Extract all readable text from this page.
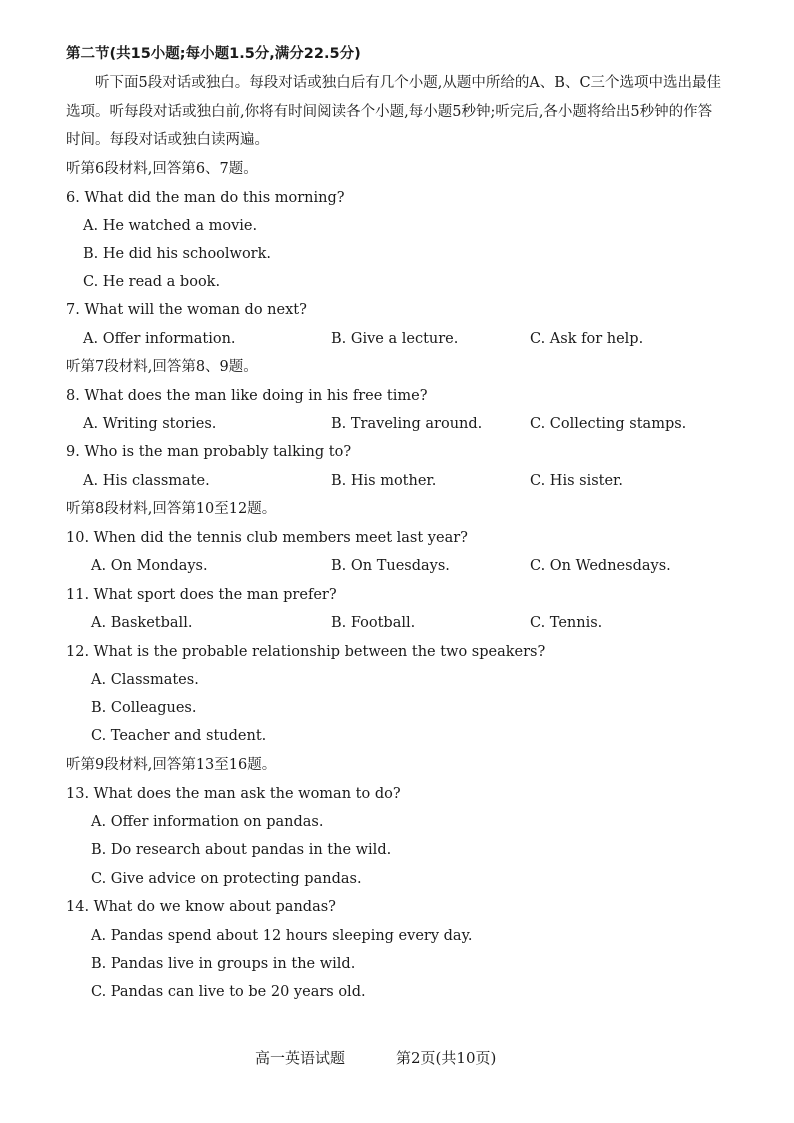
第二节(共15小题;每小题1.5分,满分22.5分)
听下面5段对话或独白。每段对话或独白后有几个小题,从题中所给的A、B、C三个选项中选出最佳选项。听每段对话或独白前,你将有时间阅读各个小题,每小题5秒钟;听完后,各小题将给出5秒钟的作答时间。每段对话或独白读两遍。
听第6段材料,回答第6、7题。
6. What did the man do this morning?
A. He watched a movie.
B. He did his schoolwork.
C. He read a book.
7. What will the woman do next?
A. Offer information.	B. Give a lecture.	C. Ask for help.
听第7段材料,回答第8、9题。
8. What does the man like doing in his free time?
A. Writing stories.	B. Traveling around.	C. Collecting stamps.
9. Who is the man probably talking to?
A. His classmate.	B. His mother.	C. His sister.
听第8段材料,回答第10至12题。
10. When did the tennis club members meet last year?
A. On Mondays.	B. On Tuesdays.	C. On Wednesdays.
11. What sport does the man prefer?
A. Basketball.	B. Football.	C. Tennis.
12. What is the probable relationship between the two speakers?
A. Classmates.
B. Colleagues.
C. Teacher and student.
听第9段材料,回答第13至16题。
13. What does the man ask the woman to do?
A. Offer information on pandas.
B. Do research about pandas in the wild.
C. Give advice on protecting pandas.
14. What do we know about pandas?
A. Pandas spend about 12 hours sleeping every day.
B. Pandas live in groups in the wild.
C. Pandas can live to be 20 years old.
高一英语试题	第2页(共10页)
